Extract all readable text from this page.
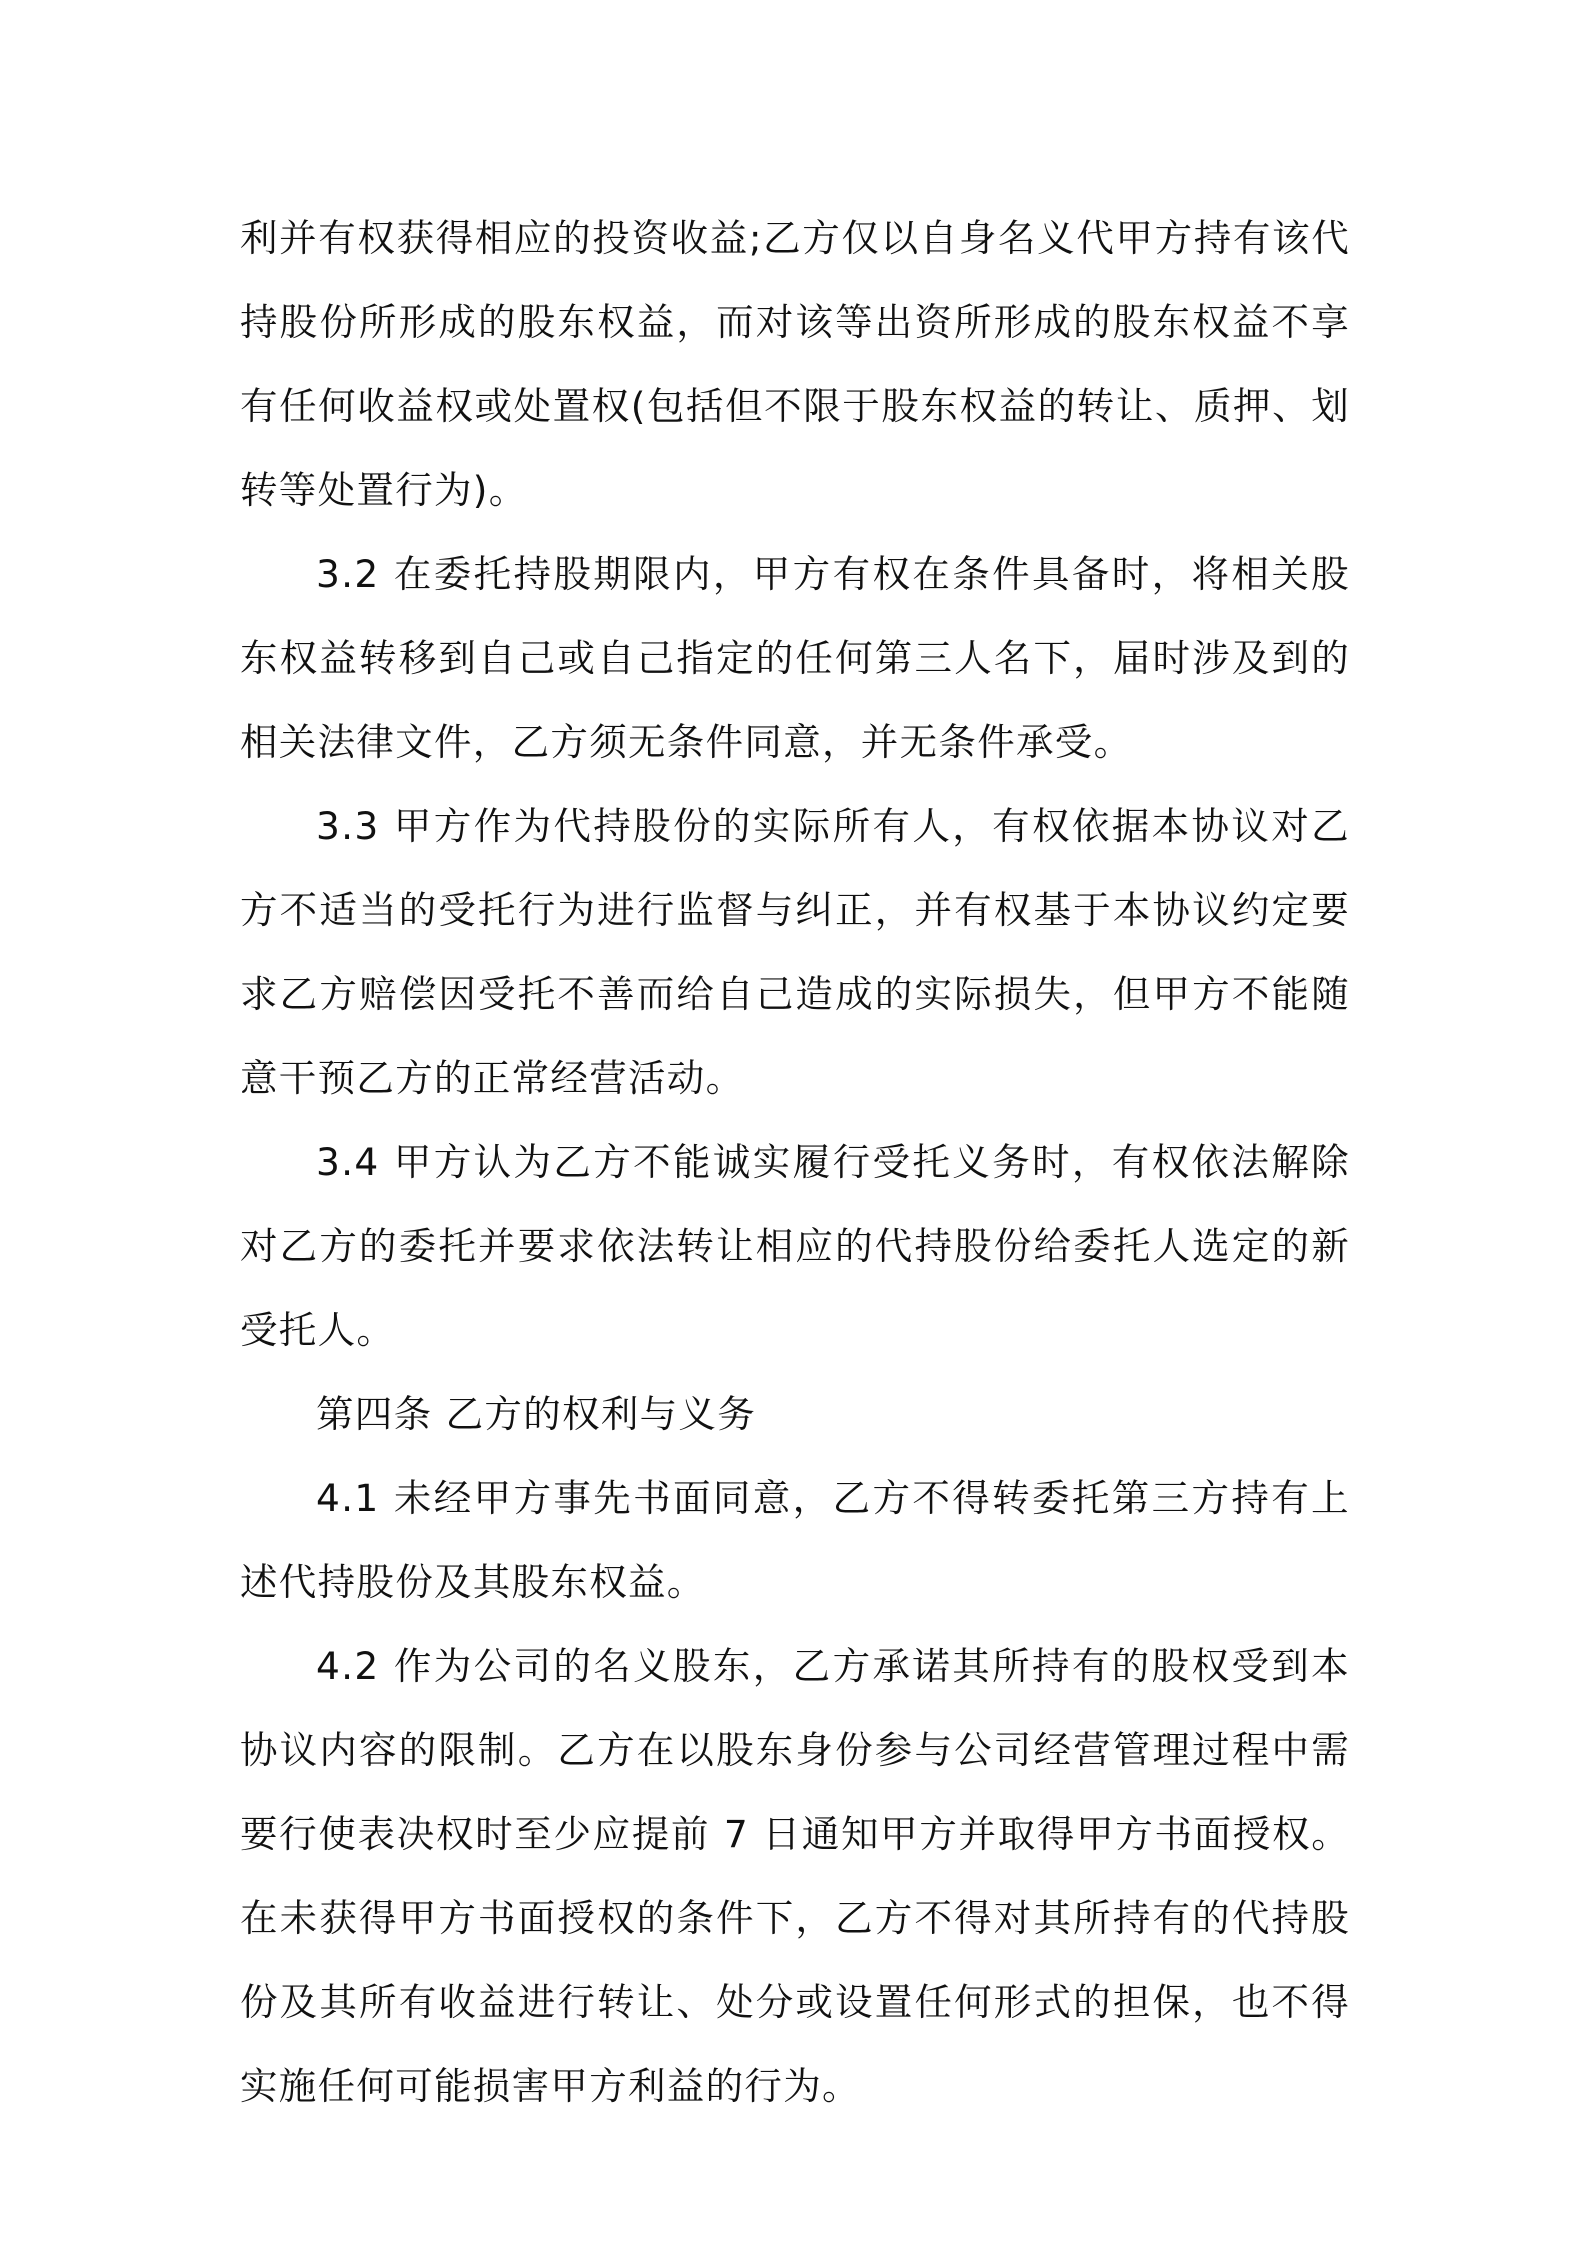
利并有权获得相应的投资收益;乙方仅以自身名义代甲方持有该代持股份所形成的股东权益，而对该等出资所形成的股东权益不享有任何收益权或处置权(包括但不限于股东权益的转让、质押、划转等处置行为)。

3.2 在委托持股期限内，甲方有权在条件具备时，将相关股东权益转移到自己或自己指定的任何第三人名下，届时涉及到的相关法律文件，乙方须无条件同意，并无条件承受。

3.3 甲方作为代持股份的实际所有人，有权依据本协议对乙方不适当的受托行为进行监督与纠正，并有权基于本协议约定要求乙方赔偿因受托不善而给自己造成的实际损失，但甲方不能随意干预乙方的正常经营活动。

3.4 甲方认为乙方不能诚实履行受托义务时，有权依法解除对乙方的委托并要求依法转让相应的代持股份给委托人选定的新受托人。

第四条 乙方的权利与义务

4.1 未经甲方事先书面同意，乙方不得转委托第三方持有上述代持股份及其股东权益。

4.2 作为公司的名义股东，乙方承诺其所持有的股权受到本协议内容的限制。乙方在以股东身份参与公司经营管理过程中需要行使表决权时至少应提前 7 日通知甲方并取得甲方书面授权。在未获得甲方书面授权的条件下，乙方不得对其所持有的代持股份及其所有收益进行转让、处分或设置任何形式的担保，也不得实施任何可能损害甲方利益的行为。
